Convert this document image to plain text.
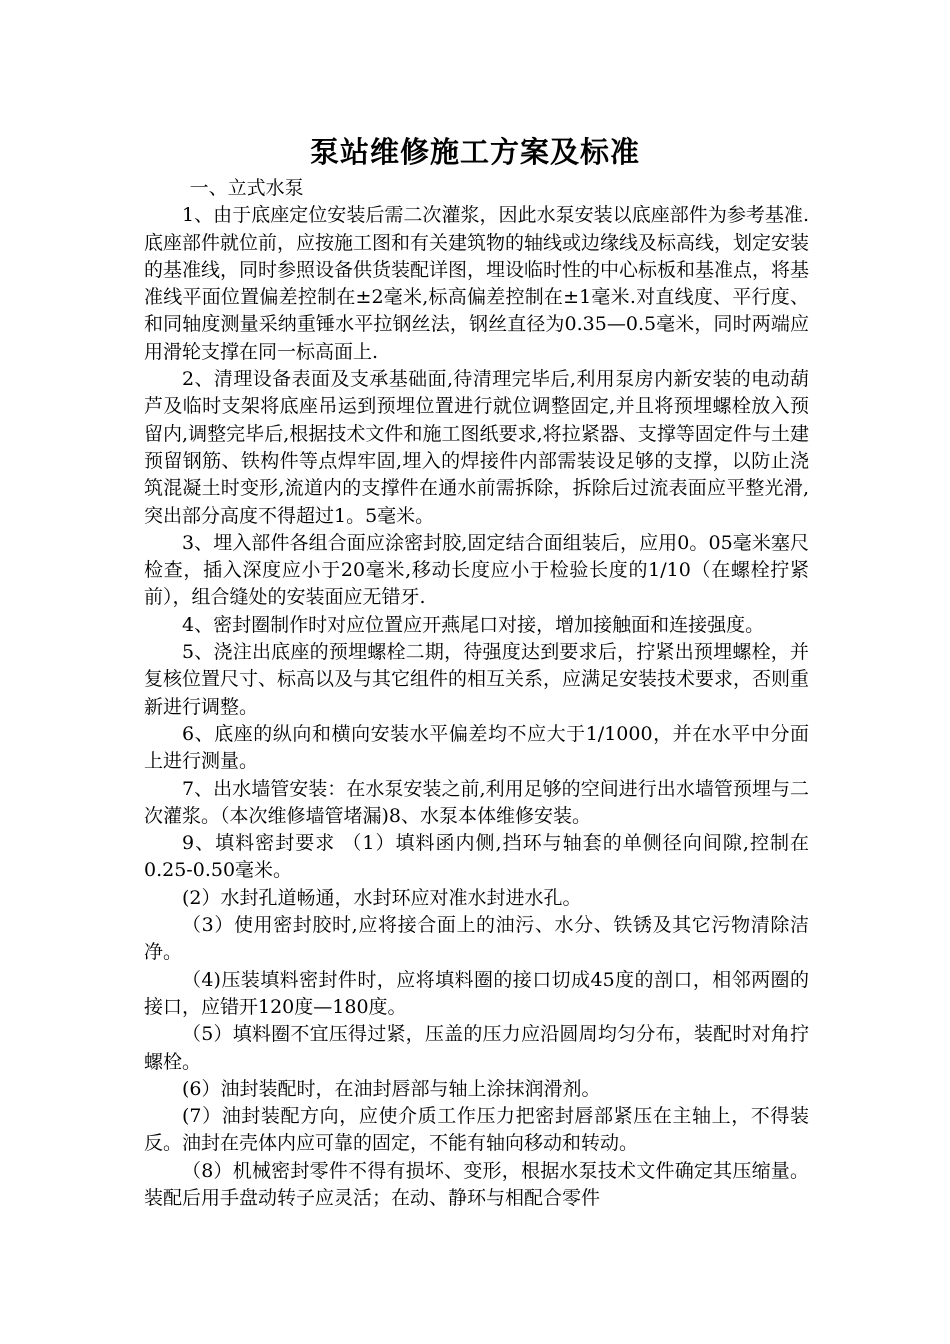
泵站维修施工方案及标准

一、立式水泵

1、由于底座定位安装后需二次灌浆，因此水泵安装以底座部件为参考基准.底座部件就位前，应按施工图和有关建筑物的轴线或边缘线及标高线，划定安装的基准线，同时参照设备供货装配详图，埋设临时性的中心标板和基准点，将基准线平面位置偏差控制在±2毫米,标高偏差控制在±1毫米.对直线度、平行度、和同轴度测量采纳重锤水平拉钢丝法，钢丝直径为0.35—0.5毫米，同时两端应用滑轮支撑在同一标高面上.

2、清理设备表面及支承基础面,待清理完毕后,利用泵房内新安装的电动葫芦及临时支架将底座吊运到预埋位置进行就位调整固定,并且将预埋螺栓放入预留内,调整完毕后,根据技术文件和施工图纸要求,将拉紧器、支撑等固定件与土建预留钢筋、铁构件等点焊牢固,埋入的焊接件内部需装设足够的支撑，以防止浇筑混凝土时变形,流道内的支撑件在通水前需拆除，拆除后过流表面应平整光滑,突出部分高度不得超过1。5毫米。

3、埋入部件各组合面应涂密封胶,固定结合面组装后，应用0。05毫米塞尺检查，插入深度应小于20毫米,移动长度应小于检验长度的1/10（在螺栓拧紧前），组合缝处的安装面应无错牙.

4、密封圈制作时对应位置应开燕尾口对接，增加接触面和连接强度。

5、浇注出底座的预埋螺栓二期，待强度达到要求后，拧紧出预埋螺栓，并复核位置尺寸、标高以及与其它组件的相互关系，应满足安装技术要求，否则重新进行调整。

6、底座的纵向和横向安装水平偏差均不应大于1/1000，并在水平中分面上进行测量。

7、出水墙管安装：在水泵安装之前,利用足够的空间进行出水墙管预埋与二次灌浆。（本次维修墙管堵漏)8、水泵本体维修安装。

9、填料密封要求 （1）填料函内侧,挡环与轴套的单侧径向间隙,控制在0.25-0.50毫米。

(2）水封孔道畅通，水封环应对准水封进水孔。

（3）使用密封胶时,应将接合面上的油污、水分、铁锈及其它污物清除洁净。

（4)压装填料密封件时，应将填料圈的接口切成45度的剖口，相邻两圈的接口，应错开120度—180度。

（5）填料圈不宜压得过紧，压盖的压力应沿圆周均匀分布，装配时对角拧螺栓。

(6）油封装配时，在油封唇部与轴上涂抹润滑剂。

(7）油封装配方向，应使介质工作压力把密封唇部紧压在主轴上，不得装反。油封在壳体内应可靠的固定，不能有轴向移动和转动。

（8）机械密封零件不得有损坏、变形，根据水泵技术文件确定其压缩量。装配后用手盘动转子应灵活；在动、静环与相配合零件
